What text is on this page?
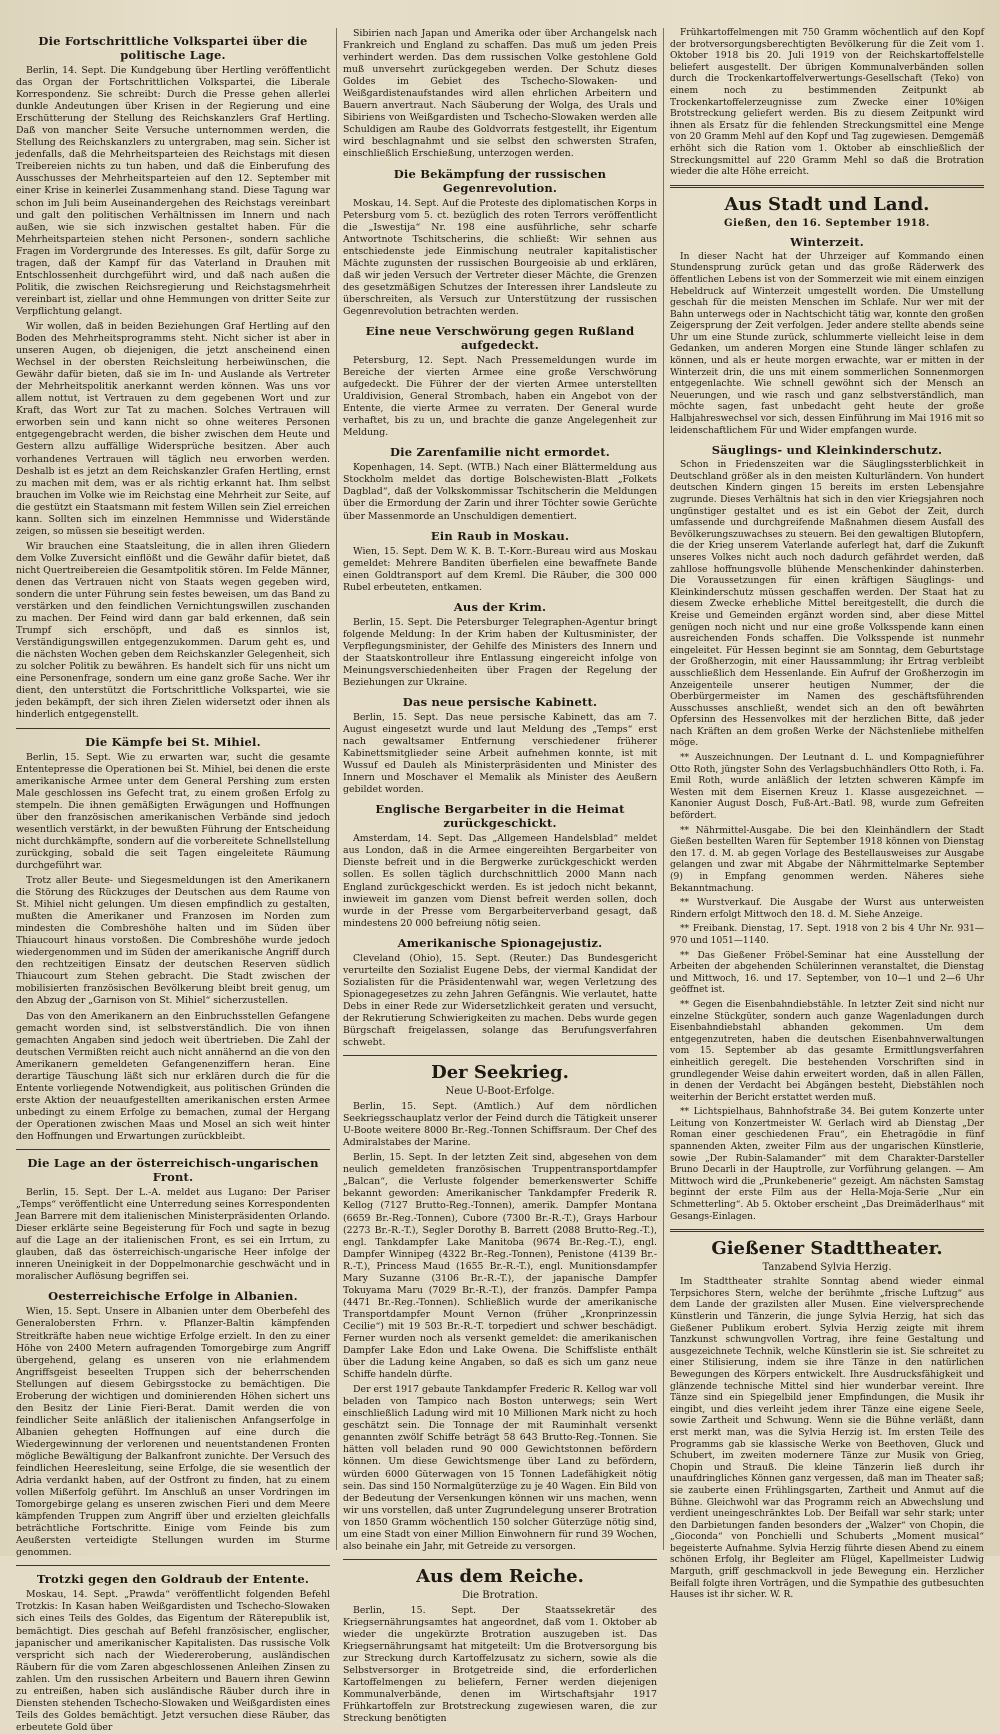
Die Fortschrittliche Volkspartei über die politische Lage.

Berlin, 14. Sept. Die Kundgebung über Hertling veröffentlicht das Organ der Fortschrittlichen Volkspartei, die Liberale Korrespondenz. Sie schreibt: Durch die Presse gehen allerlei dunkle Andeutungen über Krisen in der Regierung und eine Erschütterung der Stellung des Reichskanzlers Graf Hertling. Daß von mancher Seite Versuche unternommen werden, die Stellung des Reichskanzlers zu untergraben, mag sein. Sicher ist jedenfalls, daß die Mehrheitsparteien des Reichstags mit diesen Treibereien nichts zu tun haben, und daß die Einberufung des Ausschusses der Mehrheitsparteien auf den 12. September mit einer Krise in keinerlei Zusammenhang stand. Diese Tagung war schon im Juli beim Auseinandergehen des Reichstags vereinbart und galt den politischen Verhältnissen im Innern und nach außen, wie sie sich inzwischen gestaltet haben. Für die Mehrheitsparteien stehen nicht Personen-, sondern sachliche Fragen im Vordergrunde des Interesses. Es gilt, dafür Sorge zu tragen, daß der Kampf für das Vaterland in Drauhen mit Entschlossenheit durchgeführt wird, und daß nach außen die Politik, die zwischen Reichsregierung und Reichstagsmehrheit vereinbart ist, ziellar und ohne Hemmungen von dritter Seite zur Verpflichtung gelangt.

Wir wollen, daß in beiden Beziehungen Graf Hertling auf den Boden des Mehrheitsprogramms steht. Nicht sicher ist aber in unseren Augen, ob diejenigen, die jetzt anscheinend einen Wechsel in der obersten Reichsleitung herbeiwünschen, die Gewähr dafür bieten, daß sie im In- und Auslande als Vertreter der Mehrheitspolitik anerkannt werden können. Was uns vor allem nottut, ist Vertrauen zu dem gegebenen Wort und zur Kraft, das Wort zur Tat zu machen. Solches Vertrauen will erworben sein und kann nicht so ohne weiteres Personen entgegengebracht werden, die bisher zwischen dem Heute und Gestern allzu auffällige Widersprüche besitzen. Aber auch vorhandenes Vertrauen will täglich neu erworben werden. Deshalb ist es jetzt an dem Reichskanzler Grafen Hertling, ernst zu machen mit dem, was er als richtig erkannt hat. Ihm selbst brauchen im Volke wie im Reichstag eine Mehrheit zur Seite, auf die gestützt ein Staatsmann mit festem Willen sein Ziel erreichen kann. Sollten sich im einzelnen Hemmnisse und Widerstände zeigen, so müssen sie beseitigt werden.

Wir brauchen eine Staatsleitung, die in allen ihren Gliedern dem Volke Zuversicht einflößt und die Gewähr dafür bietet, daß nicht Quertreibereien die Gesamtpolitik stören. Im Felde Männer, denen das Vertrauen nicht von Staats wegen gegeben wird, sondern die unter Führung sein festes beweisen, um das Band zu verstärken und den feindlichen Vernichtungswillen zuschanden zu machen. Der Feind wird dann gar bald erkennen, daß sein Trumpf sich erschöpft, und daß es sinnlos ist, Verständigungswillen entgegenzukommen. Darum geht es, und die nächsten Wochen geben dem Reichskanzler Gelegenheit, sich zu solcher Politik zu bewähren. Es handelt sich für uns nicht um eine Personenfrage, sondern um eine ganz große Sache. Wer ihr dient, den unterstützt die Fortschrittliche Volkspartei, wie sie jeden bekämpft, der sich ihren Zielen widersetzt oder ihnen als hinderlich entgegenstellt.

Die Kämpfe bei St. Mihiel.

Berlin, 15. Sept. Wie zu erwarten war, sucht die gesamte Ententepresse die Operationen bei St. Mihiel, bei denen die erste amerikanische Armee unter dem General Pershing zum ersten Male geschlossen ins Gefecht trat, zu einem großen Erfolg zu stempeln. Die ihnen gemäßigten Erwägungen und Hoffnungen über den französischen amerikanischen Verbände sind jedoch wesentlich verstärkt, in der bewußten Führung der Entscheidung nicht durchkämpfte, sondern auf die vorbereitete Schnellstellung zurückging, sobald die seit Tagen eingeleitete Räumung durchgeführt war.

Trotz aller Beute- und Siegesmeldungen ist den Amerikanern die Störung des Rückzuges der Deutschen aus dem Raume von St. Mihiel nicht gelungen. Um diesen empfindlich zu gestalten, mußten die Amerikaner und Franzosen im Norden zum mindesten die Combreshöhe halten und im Süden über Thiaucourt hinaus vorstoßen. Die Combreshöhe wurde jedoch wiedergenommen und im Süden der amerikanische Angriff durch den rechtzeitigen Einsatz der deutschen Reserven südlich Thiaucourt zum Stehen gebracht. Die Stadt zwischen der mobilisierten französischen Bevölkerung bleibt breit genug, um den Abzug der „Garnison von St. Mihiel“ sicherzustellen.

Das von den Amerikanern an den Einbruchsstellen Gefangene gemacht worden sind, ist selbstverständlich. Die von ihnen gemachten Angaben sind jedoch weit übertrieben. Die Zahl der deutschen Vermißten reicht auch nicht annähernd an die von den Amerikanern gemeldeten Gefangenenziffern heran. Eine derartige Täuschung läßt sich nur erklären durch die für die Entente vorliegende Notwendigkeit, aus politischen Gründen die erste Aktion der neuaufgestellten amerikanischen ersten Armee unbedingt zu einem Erfolge zu bemachen, zumal der Hergang der Operationen zwischen Maas und Mosel an sich weit hinter den Hoffnungen und Erwartungen zurückbleibt.

Die Lage an der österreichisch-ungarischen Front.

Berlin, 15. Sept. Der L.-A. meldet aus Lugano: Der Pariser „Temps“ veröffentlicht eine Unterredung seines Korrespondenten Jean Barrere mit dem italienischen Ministerpräsidenten Orlando. Dieser erklärte seine Begeisterung für Foch und sagte in bezug auf die Lage an der italienischen Front, es sei ein Irrtum, zu glauben, daß das österreichisch-ungarische Heer infolge der inneren Uneinigkeit in der Doppelmonarchie geschwächt und in moralischer Auflösung begriffen sei.

Oesterreichische Erfolge in Albanien.

Wien, 15. Sept. Unsere in Albanien unter dem Oberbefehl des Generalobersten Frhrn. v. Pflanzer-Baltin kämpfenden Streitkräfte haben neue wichtige Erfolge erzielt. In den zu einer Höhe von 2400 Metern aufragenden Tomorgebirge zum Angriff übergehend, gelang es unseren von nie erlahmendem Angriffsgeist beseelten Truppen sich der beherrschenden Stellungen auf diesem Gebirgsstocke zu bemächtigen. Die Eroberung der wichtigen und dominierenden Höhen sichert uns den Besitz der Linie Fieri-Berat. Damit werden die von feindlicher Seite anläßlich der italienischen Anfangserfolge in Albanien gehegten Hoffnungen auf eine durch die Wiedergewinnung der verlorenen und neuentstandenen Fronten mögliche Bewältigung der Balkanfront zunichte. Der Versuch des feindlichen Heeresleitung, seine Erfolge, die sie wesentlich der Adria verdankt haben, auf der Ostfront zu finden, hat zu einem vollen Mißerfolg geführt. Im Anschluß an unser Vordringen im Tomorgebirge gelang es unseren zwischen Fieri und dem Meere kämpfenden Truppen zum Angriff über und erzielten gleichfalls beträchtliche Fortschritte. Einige vom Feinde bis zum Aeußersten verteidigte Stellungen wurden im Sturme genommen.

Trotzki gegen den Goldraub der Entente.

Moskau, 14. Sept. „Prawda“ veröffentlicht folgenden Befehl Trotzkis: In Kasan haben Weißgardisten und Tschecho-Slowaken sich eines Teils des Goldes, das Eigentum der Räterepublik ist, bemächtigt. Dies geschah auf Befehl französischer, englischer, japanischer und amerikanischer Kapitalisten. Das russische Volk verspricht sich nach der Wiedereroberung, ausländischen Räubern für die vom Zaren abgeschlossenen Anleihen Zinsen zu zahlen. Um den russischen Arbeitern und Bauern ihren Gewinn zu entreißen, haben sich ausländische Räuber durch ihre in Diensten stehenden Tschecho-Slowaken und Weißgardisten eines Teils des Goldes bemächtigt. Jetzt versuchen diese Räuber, das erbeutete Gold über

Sibirien nach Japan und Amerika oder über Archangelsk nach Frankreich und England zu schaffen. Das muß um jeden Preis verhindert werden. Das dem russischen Volke gestohlene Gold muß unversehrt zurückgegeben werden. Der Schutz dieses Goldes im Gebiet des Tschecho-Slowaken- und Weißgardistenaufstandes wird allen ehrlichen Arbeitern und Bauern anvertraut. Nach Säuberung der Wolga, des Urals und Sibiriens von Weißgardisten und Tschecho-Slowaken werden alle Schuldigen am Raube des Goldvorrats festgestellt, ihr Eigentum wird beschlagnahmt und sie selbst den schwersten Strafen, einschließlich Erschießung, unterzogen werden.

Die Bekämpfung der russischen Gegenrevolution.

Moskau, 14. Sept. Auf die Proteste des diplomatischen Korps in Petersburg vom 5. ct. bezüglich des roten Terrors veröffentlicht die „Iswestija“ Nr. 198 eine ausführliche, sehr scharfe Antwortnote Tschitscherins, die schließt: Wir sehnen aus entschiedenste jede Einmischung neutraler kapitalistischer Mächte zugunsten der russischen Bourgeoisie ab und erklären, daß wir jeden Versuch der Vertreter dieser Mächte, die Grenzen des gesetzmäßigen Schutzes der Interessen ihrer Landsleute zu überschreiten, als Versuch zur Unterstützung der russischen Gegenrevolution betrachten werden.

Eine neue Verschwörung gegen Rußland aufgedeckt.

Petersburg, 12. Sept. Nach Pressemeldungen wurde im Bereiche der vierten Armee eine große Verschwörung aufgedeckt. Die Führer der der vierten Armee unterstellten Uraldivision, General Strombach, haben ein Angebot von der Entente, die vierte Armee zu verraten. Der General wurde verhaftet, bis zu un, und brachte die ganze Angelegenheit zur Meldung.

Die Zarenfamilie nicht ermordet.

Kopenhagen, 14. Sept. (WTB.) Nach einer Blättermeldung aus Stockholm meldet das dortige Bolschewisten-Blatt „Folkets Dagblad“, daß der Volkskommissar Tschitscherin die Meldungen über die Ermordung der Zarin und ihrer Töchter sowie Gerüchte über Massenmorde an Unschuldigen dementiert.

Ein Raub in Moskau.

Wien, 15. Sept. Dem W. K. B. T.-Korr.-Bureau wird aus Moskau gemeldet: Mehrere Banditen überfielen eine bewaffnete Bande einen Goldtransport auf dem Kreml. Die Räuber, die 300 000 Rubel erbeuteten, entkamen.

Aus der Krim.

Berlin, 15. Sept. Die Petersburger Telegraphen-Agentur bringt folgende Meldung: In der Krim haben der Kultusminister, der Verpflegungsminister, der Gehilfe des Ministers des Innern und der Staatskontrolleur ihre Entlassung eingereicht infolge von Meinungsverschiedenheiten über Fragen der Regelung der Beziehungen zur Ukraine.

Das neue persische Kabinett.

Berlin, 15. Sept. Das neue persische Kabinett, das am 7. August eingesetzt wurde und laut Meldung des „Temps“ erst nach gewaltsamer Entfernung verschiedener früherer Kabinettsmitglieder seine Arbeit aufnehmen konnte, ist mit Wussuf ed Dauleh als Ministerpräsidenten und Minister des Innern und Moschaver el Memalik als Minister des Aeußern gebildet worden.

Englische Bergarbeiter in die Heimat zurückgeschickt.

Amsterdam, 14. Sept. Das „Allgemeen Handelsblad“ meldet aus London, daß in die Armee eingereihten Bergarbeiter von Dienste befreit und in die Bergwerke zurückgeschickt werden sollen. Es sollen täglich durchschnittlich 2000 Mann nach England zurückgeschickt werden. Es ist jedoch nicht bekannt, inwieweit im ganzen vom Dienst befreit werden sollen, doch wurde in der Presse vom Bergarbeiterverband gesagt, daß mindestens 20 000 befreiung nötig seien.

Amerikanische Spionagejustiz.

Cleveland (Ohio), 15. Sept. (Reuter.) Das Bundesgericht verurteilte den Sozialist Eugene Debs, der viermal Kandidat der Sozialisten für die Präsidentenwahl war, wegen Verletzung des Spionagegesetzes zu zehn Jahren Gefängnis. Wie verlautet, hatte Debs in einer Rede zur Widersetzlichkeit geraten und versucht, der Rekrutierung Schwierigkeiten zu machen. Debs wurde gegen Bürgschaft freigelassen, solange das Berufungsverfahren schwebt.

Der Seekrieg.
Neue U-Boot-Erfolge.

Berlin, 15. Sept. (Amtlich.) Auf dem nördlichen Seekriegsschauplatz verlor der Feind durch die Tätigkeit unserer U-Boote weitere 8000 Br.-Reg.-Tonnen Schiffsraum. Der Chef des Admiralstabes der Marine.

Berlin, 15. Sept. In der letzten Zeit sind, abgesehen von dem neulich gemeldeten französischen Truppentransportdampfer „Balcan“, die Verluste folgender bemerkenswerter Schiffe bekannt geworden: Amerikanischer Tankdampfer Frederik R. Kellog (7127 Brutto-Reg.-Tonnen), amerik. Dampfer Montana (6659 Br.-Reg.-Tonnen), Cubore (7300 Br.-R.-T.), Grays Harbour (2273 Br.-R.-T.), Segler Dorothy B. Barrett (2088 Brutto-Reg.-T.), engl. Tankdampfer Lake Manitoba (9674 Br.-Reg.-T.), engl. Dampfer Winnipeg (4322 Br.-Reg.-Tonnen), Penistone (4139 Br.-R.-T.), Princess Maud (1655 Br.-R.-T.), engl. Munitionsdampfer Mary Suzanne (3106 Br.-R.-T.), der japanische Dampfer Tokuyama Maru (7029 Br.-R.-T.), der französ. Dampfer Pampa (4471 Br.-Reg.-Tonnen). Schließlich wurde der amerikanische Transportdampfer Mount Vernon (früher „Kronprinzessin Cecilie“) mit 19 503 Br.-R.-T. torpediert und schwer beschädigt. Ferner wurden noch als versenkt gemeldet: die amerikanischen Dampfer Lake Edon und Lake Owena. Die Schiffsliste enthält über die Ladung keine Angaben, so daß es sich um ganz neue Schiffe handeln dürfte.

Der erst 1917 gebaute Tankdampfer Frederic R. Kellog war voll beladen von Tampico nach Boston unterwegs; sein Wert einschließlich Ladung wird mit 10 Millionen Mark nicht zu hoch geschätzt sein. Die Tonnage der mit Rauminhalt versenkt genannten zwölf Schiffe beträgt 58 643 Brutto-Reg.-Tonnen. Sie hätten voll beladen rund 90 000 Gewichtstonnen befördern können. Um diese Gewichtsmenge über Land zu befördern, würden 6000 Güterwagen von 15 Tonnen Ladefähigkeit nötig sein. Das sind 150 Normalgüterzüge zu je 40 Wagen. Ein Bild von der Bedeutung der Versenkungen können wir uns machen, wenn wir uns vorstellen, daß unter Zugrundelegung unserer Brotration von 1850 Gramm wöchentlich 150 solcher Güterzüge nötig sind, um eine Stadt von einer Million Einwohnern für rund 39 Wochen, also beinahe ein Jahr, mit Getreide zu versorgen.

Aus dem Reiche.
Die Brotration.

Berlin, 15. Sept. Der Staatssekretär des Kriegsernährungsamtes hat angeordnet, daß vom 1. Oktober ab wieder die ungekürzte Brotration auszugeben ist. Das Kriegsernährungsamt hat mitgeteilt: Um die Brotversorgung bis zur Streckung durch Kartoffelzusatz zu sichern, sowie als die Selbstversorger in Brotgetreide sind, die erforderlichen Kartoffelmengen zu beliefern, Ferner werden diejenigen Kommunalverbände, denen im Wirtschaftsjahr 1917 Frühkartoffeln zur Brotstreckung zugewiesen waren, die zur Streckung benötigten

Frühkartoffelmengen mit 750 Gramm wöchentlich auf den Kopf der brotversorgungsberechtigten Bevölkerung für die Zeit vom 1. Oktober 1918 bis 20. Juli 1919 von der Reichskartoffelstelle beliefert ausgestellt. Der übrigen Kommunalverbänden sollen durch die Trockenkartoffelverwertungs-Gesellschaft (Teko) von einem noch zu bestimmenden Zeitpunkt ab Trockenkartoffelerzeugnisse zum Zwecke einer 10%igen Brotstreckung geliefert werden. Bis zu diesem Zeitpunkt wird ihnen als Ersatz für die fehlenden Streckungsmittel eine Menge von 20 Gramm Mehl auf den Kopf und Tag zugewiesen. Demgemäß erhöht sich die Ration vom 1. Oktober ab einschließlich der Streckungsmittel auf 220 Gramm Mehl so daß die Brotration wieder die alte Höhe erreicht.

Aus Stadt und Land.
Gießen, den 16. September 1918.
Winterzeit.

In dieser Nacht hat der Uhrzeiger auf Kommando einen Stundensprung zurück getan und das große Räderwerk des öffentlichen Lebens ist von der Sommerzeit wie mit einem einzigen Hebeldruck auf Winterzeit umgestellt worden. Die Umstellung geschah für die meisten Menschen im Schlafe. Nur wer mit der Bahn unterwegs oder in Nachtschicht tätig war, konnte den großen Zeigersprung der Zeit verfolgen. Jeder andere stellte abends seine Uhr um eine Stunde zurück, schlummerte vielleicht leise in dem Gedanken, um anderen Morgen eine Stunde länger schlafen zu können, und als er heute morgen erwachte, war er mitten in der Winterzeit drin, die uns mit einem sommerlichen Sonnenmorgen entgegenlachte. Wie schnell gewöhnt sich der Mensch an Neuerungen, und wie rasch und ganz selbstverständlich, man möchte sagen, fast unbedacht geht heute der große Halbjahreswechsel vor sich, dessen Einführung im Mai 1916 mit so leidenschaftlichem Für und Wider empfangen wurde.

Säuglings- und Kleinkinderschutz.

Schon in Friedenszeiten war die Säuglingssterblichkeit in Deutschland größer als in den meisten Kulturländern. Von hundert deutschen Kindern gingen 15 bereits im ersten Lebensjahre zugrunde. Dieses Verhältnis hat sich in den vier Kriegsjahren noch ungünstiger gestaltet und es ist ein Gebot der Zeit, durch umfassende und durchgreifende Maßnahmen diesem Ausfall des Bevölkerungszuwachses zu steuern. Bei den gewaltigen Blutopfern, die der Krieg unserem Vaterlande auferlegt hat, darf die Zukunft unseres Volkes nicht auch noch dadurch gefährdet werden, daß zahllose hoffnungsvolle blühende Menschenkinder dahinsterben. Die Voraussetzungen für einen kräftigen Säuglings- und Kleinkinderschutz müssen geschaffen werden. Der Staat hat zu diesem Zwecke erhebliche Mittel bereitgestellt, die durch die Kreise und Gemeinden ergänzt worden sind, aber diese Mittel genügen noch nicht und nur eine große Volksspende kann einen ausreichenden Fonds schaffen. Die Volksspende ist nunmehr eingeleitet. Für Hessen beginnt sie am Sonntag, dem Geburtstage der Großherzogin, mit einer Haussammlung; ihr Ertrag verbleibt ausschließlich dem Hessenlande. Ein Aufruf der Großherzogin im Anzeigenteile unserer heutigen Nummer, der die Oberbürgermeister im Namen des geschäftsführenden Ausschusses anschließt, wendet sich an den oft bewährten Opfersinn des Hessenvolkes mit der herzlichen Bitte, daß jeder nach Kräften an dem großen Werke der Nächstenliebe mithelfen möge.

** Auszeichnungen. Der Leutnant d. L. und Kompagnieführer Otto Roth, jüngster Sohn des Verlagsbuchhändlers Otto Roth, i. Fa. Emil Roth, wurde anläßlich der letzten schweren Kämpfe im Westen mit dem Eisernen Kreuz 1. Klasse ausgezeichnet. — Kanonier August Dosch, Fuß-Art.-Batl. 98, wurde zum Gefreiten befördert.

** Nährmittel-Ausgabe. Die bei den Kleinhändlern der Stadt Gießen bestellten Waren für September 1918 können von Dienstag den 17. d. M. ab gegen Vorlage des Bestellausweises zur Ausgabe gelangen und zwar mit Abgabe der Nährmittelmarke September (9) in Empfang genommen werden. Näheres siehe Bekanntmachung.

** Wurstverkauf. Die Ausgabe der Wurst aus unterweisten Rindern erfolgt Mittwoch den 18. d. M. Siehe Anzeige.

** Freibank. Dienstag, 17. Sept. 1918 von 2 bis 4 Uhr Nr. 931—970 und 1051—1140.

** Das Gießener Fröbel-Seminar hat eine Ausstellung der Arbeiten der abgehenden Schülerinnen veranstaltet, die Dienstag und Mittwoch, 16. und 17. September, von 10—1 und 2—6 Uhr geöffnet ist.

** Gegen die Eisenbahndiebstähle. In letzter Zeit sind nicht nur einzelne Stückgüter, sondern auch ganze Wagenladungen durch Eisenbahndiebstahl abhanden gekommen. Um dem entgegenzutreten, haben die deutschen Eisenbahnverwaltungen vom 15. September ab das gesamte Ermittlungsverfahren einheitlich geregelt. Die bestehenden Vorschriften sind in grundlegender Weise dahin erweitert worden, daß in allen Fällen, in denen der Verdacht bei Abgängen besteht, Diebstählen noch weiterhin der Bericht erstattet werden muß.

** Lichtspielhaus, Bahnhofstraße 34. Bei gutem Konzerte unter Leitung von Konzertmeister W. Gerlach wird ab Dienstag „Der Roman einer geschiedenen Frau“, ein Ehetragödie in fünf spannenden Akten, zweiter Film aus der ungarischen Künstlerie, sowie „Der Rubin-Salamander“ mit dem Charakter-Darsteller Bruno Decarli in der Hauptrolle, zur Vorführung gelangen. — Am Mittwoch wird die „Prunkebenerie“ gezeigt. Am nächsten Samstag beginnt der erste Film aus der Hella-Moja-Serie „Nur ein Schmetterling“. Ab 5. Oktober erscheint „Das Dreimäderlhaus“ mit Gesangs-Einlagen.

Gießener Stadttheater.
Tanzabend Sylvia Herzig.

Im Stadttheater strahlte Sonntag abend wieder einmal Terpsichores Stern, welche der berühmte „frische Luftzug“ aus dem Lande der grazilsten aller Musen. Eine vielversprechende Künstlerin und Tänzerin, die junge Sylvia Herzig, hat sich das Gießener Publikum erobert. Sylvia Herzig zeigte mit ihrem Tanzkunst schwungvollen Vortrag, ihre feine Gestaltung und ausgezeichnete Technik, welche Künstlerin sie ist. Sie schreitet zu einer Stilisierung, indem sie ihre Tänze in den natürlichen Bewegungen des Körpers entwickelt. Ihre Ausdrucksfähigkeit und glänzende technische Mittel sind hier wunderbar vereint. Ihre Tänze sind ein Spiegelbild jener Empfindungen, die Musik ihr eingibt, und dies verleiht jedem ihrer Tänze eine eigene Seele, sowie Zartheit und Schwung. Wenn sie die Bühne verläßt, dann erst merkt man, was die Sylvia Herzig ist. Im ersten Teile des Programms gab sie klassische Werke von Beethoven, Gluck und Schubert, im zweiten modernere Tänze zur Musik von Grieg, Chopin und Strauß. Die kleine Tänzerin ließ durch ihr unaufdringliches Können ganz vergessen, daß man im Theater saß; sie zauberte einen Frühlingsgarten, Zartheit und Anmut auf die Bühne. Gleichwohl war das Programm reich an Abwechslung und verdient uneingeschränktes Lob. Der Beifall war sehr stark; unter den Darbietungen fanden besonders der „Walzer“ von Chopin, die „Gioconda“ von Ponchielli und Schuberts „Moment musical“ begeisterte Aufnahme. Sylvia Herzig führte diesen Abend zu einem schönen Erfolg, ihr Begleiter am Flügel, Kapellmeister Ludwig Marguth, griff geschmackvoll in jede Bewegung ein. Herzlicher Beifall folgte ihren Vorträgen, und die Sympathie des gutbesuchten Hauses ist ihr sicher. W. R.
